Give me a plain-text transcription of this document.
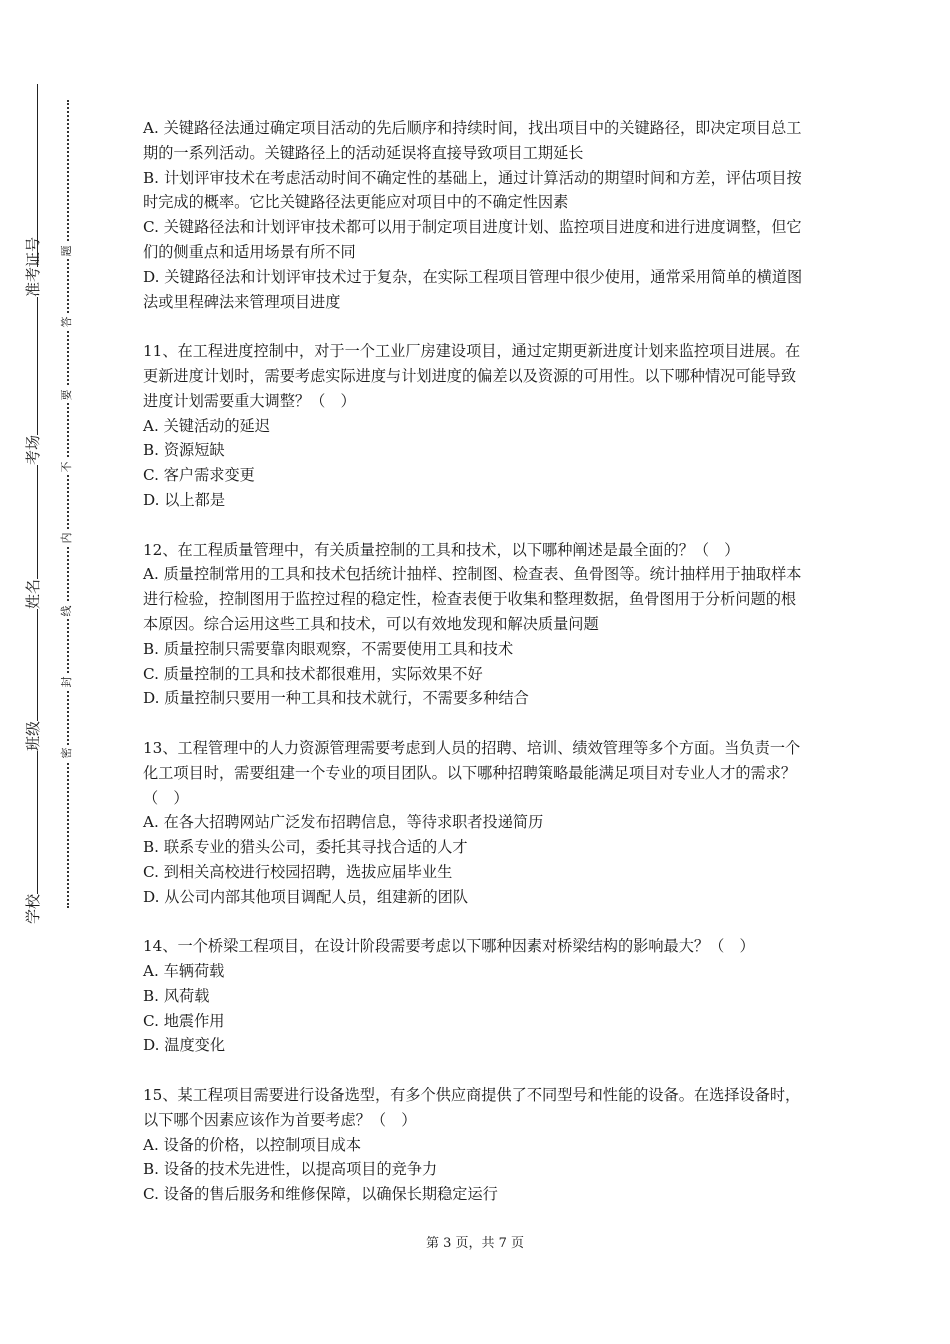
准考证号
考场
姓名
班级
学校
题
答
要
不
内
线
封
密

A. 关键路径法通过确定项目活动的先后顺序和持续时间，找出项目中的关键路径，即决定项目总工期的一系列活动。关键路径上的活动延误将直接导致项目工期延长

B. 计划评审技术在考虑活动时间不确定性的基础上，通过计算活动的期望时间和方差，评估项目按时完成的概率。它比关键路径法更能应对项目中的不确定性因素

C. 关键路径法和计划评审技术都可以用于制定项目进度计划、监控项目进度和进行进度调整，但它们的侧重点和适用场景有所不同

D. 关键路径法和计划评审技术过于复杂，在实际工程项目管理中很少使用，通常采用简单的横道图法或里程碑法来管理项目进度

11、在工程进度控制中，对于一个工业厂房建设项目，通过定期更新进度计划来监控项目进展。在更新进度计划时，需要考虑实际进度与计划进度的偏差以及资源的可用性。以下哪种情况可能导致进度计划需要重大调整？（　）

A. 关键活动的延迟

B. 资源短缺

C. 客户需求变更

D. 以上都是

12、在工程质量管理中，有关质量控制的工具和技术，以下哪种阐述是最全面的？（　）

A. 质量控制常用的工具和技术包括统计抽样、控制图、检查表、鱼骨图等。统计抽样用于抽取样本进行检验，控制图用于监控过程的稳定性，检查表便于收集和整理数据，鱼骨图用于分析问题的根本原因。综合运用这些工具和技术，可以有效地发现和解决质量问题

B. 质量控制只需要靠肉眼观察，不需要使用工具和技术

C. 质量控制的工具和技术都很难用，实际效果不好

D. 质量控制只要用一种工具和技术就行，不需要多种结合

13、工程管理中的人力资源管理需要考虑到人员的招聘、培训、绩效管理等多个方面。当负责一个化工项目时，需要组建一个专业的项目团队。以下哪种招聘策略最能满足项目对专业人才的需求？（　）

A. 在各大招聘网站广泛发布招聘信息，等待求职者投递简历

B. 联系专业的猎头公司，委托其寻找合适的人才

C. 到相关高校进行校园招聘，选拔应届毕业生

D. 从公司内部其他项目调配人员，组建新的团队

14、一个桥梁工程项目，在设计阶段需要考虑以下哪种因素对桥梁结构的影响最大？（　）

A. 车辆荷载

B. 风荷载

C. 地震作用

D. 温度变化

15、某工程项目需要进行设备选型，有多个供应商提供了不同型号和性能的设备。在选择设备时，以下哪个因素应该作为首要考虑？（　）

A. 设备的价格，以控制项目成本

B. 设备的技术先进性，以提高项目的竞争力

C. 设备的售后服务和维修保障，以确保长期稳定运行

第 3 页，共 7 页
